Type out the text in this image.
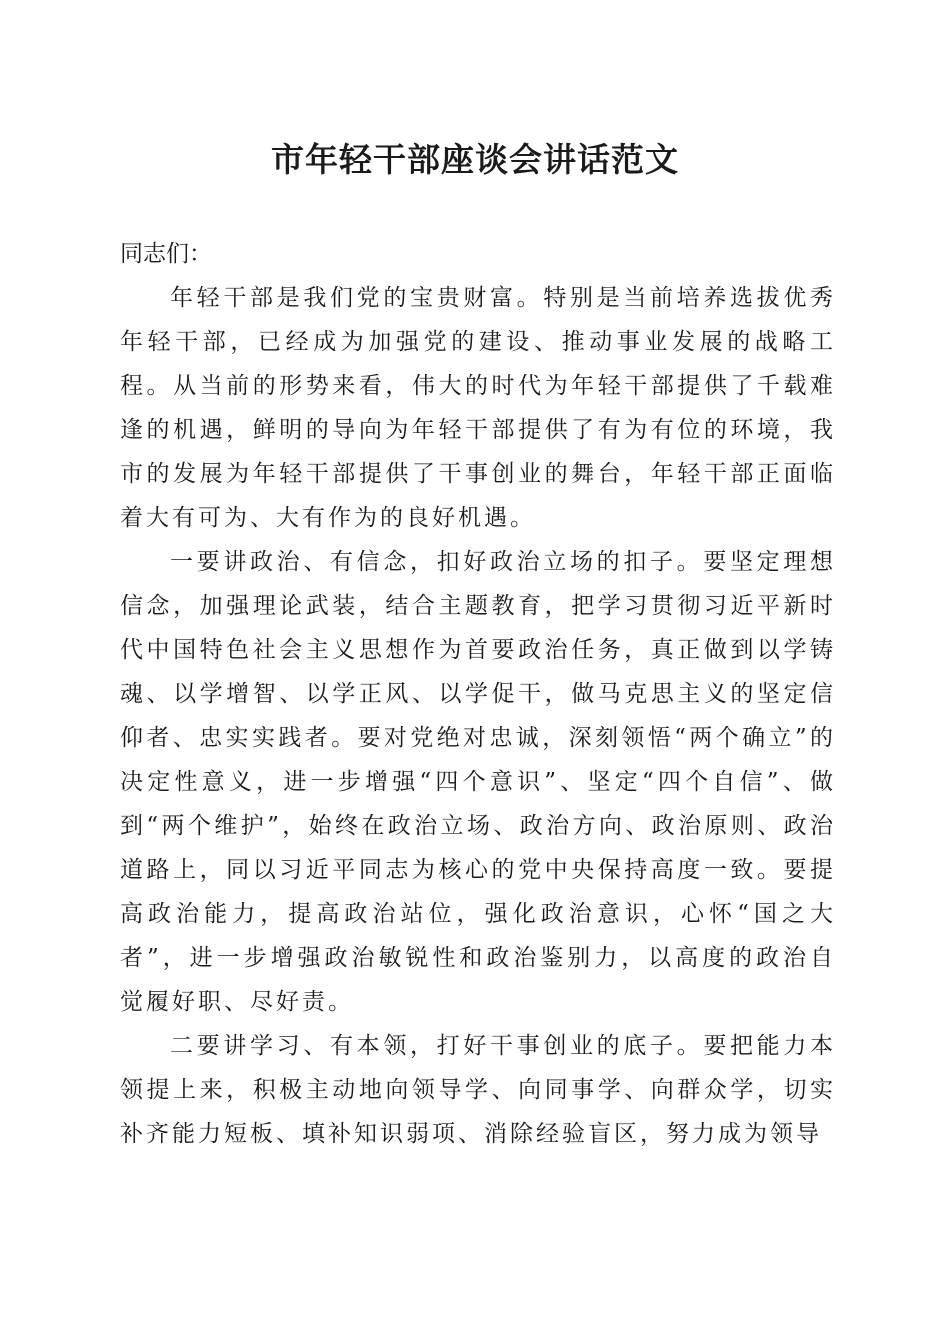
市年轻干部座谈会讲话范文

同志们：

年轻干部是我们党的宝贵财富。特别是当前培养选拔优秀年轻干部，已经成为加强党的建设、推动事业发展的战略工程。从当前的形势来看，伟大的时代为年轻干部提供了千载难逢的机遇，鲜明的导向为年轻干部提供了有为有位的环境，我市的发展为年轻干部提供了干事创业的舞台，年轻干部正面临着大有可为、大有作为的良好机遇。

一要讲政治、有信念，扣好政治立场的扣子。要坚定理想信念，加强理论武装，结合主题教育，把学习贯彻习近平新时代中国特色社会主义思想作为首要政治任务，真正做到以学铸魂、以学增智、以学正风、以学促干，做马克思主义的坚定信仰者、忠实实践者。要对党绝对忠诚，深刻领悟“两个确立”的决定性意义，进一步增强“四个意识”、坚定“四个自信”、做到“两个维护”，始终在政治立场、政治方向、政治原则、政治道路上，同以习近平同志为核心的党中央保持高度一致。要提高政治能力，提高政治站位，强化政治意识，心怀“国之大者”，进一步增强政治敏锐性和政治鉴别力，以高度的政治自觉履好职、尽好责。

二要讲学习、有本领，打好干事创业的底子。要把能力本领提上来，积极主动地向领导学、向同事学、向群众学，切实补齐能力短板、填补知识弱项、消除经验盲区，努力成为领导
